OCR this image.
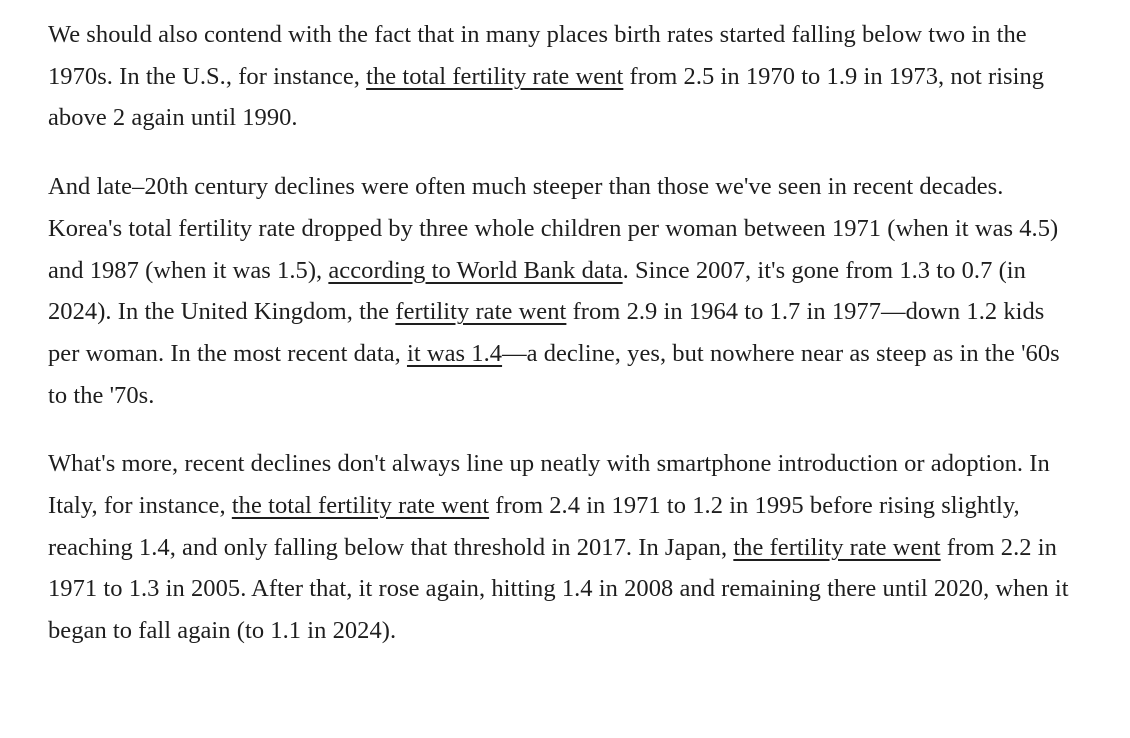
We should also contend with the fact that in many places birth rates started falling below two in the 1970s. In the U.S., for instance, the total fertility rate went from 2.5 in 1970 to 1.9 in 1973, not rising above 2 again until 1990.

And late–20th century declines were often much steeper than those we've seen in recent decades. Korea's total fertility rate dropped by three whole children per woman between 1971 (when it was 4.5) and 1987 (when it was 1.5), according to World Bank data. Since 2007, it's gone from 1.3 to 0.7 (in 2024). In the United Kingdom, the fertility rate went from 2.9 in 1964 to 1.7 in 1977—down 1.2 kids per woman. In the most recent data, it was 1.4—a decline, yes, but nowhere near as steep as in the '60s to the '70s.

What's more, recent declines don't always line up neatly with smartphone introduction or adoption. In Italy, for instance, the total fertility rate went from 2.4 in 1971 to 1.2 in 1995 before rising slightly, reaching 1.4, and only falling below that threshold in 2017. In Japan, the fertility rate went from 2.2 in 1971 to 1.3 in 2005. After that, it rose again, hitting 1.4 in 2008 and remaining there until 2020, when it began to fall again (to 1.1 in 2024).
